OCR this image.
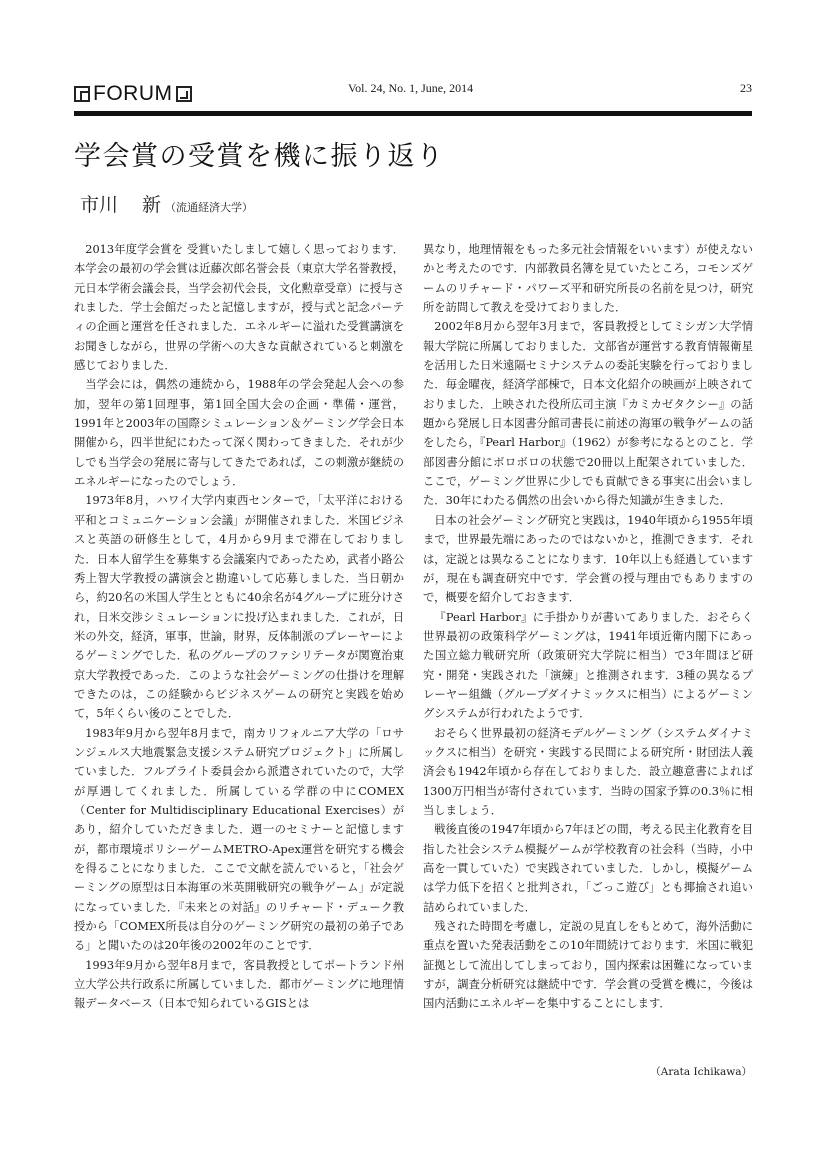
FORUM	Vol. 24, No. 1, June, 2014	23
学会賞の受賞を機に振り返り
市川 新 （流通経済大学）

2013年度学会賞を 受賞いたしまして嬉しく思っております．本学会の最初の学会賞は近藤次郎名誉会長（東京大学名誉教授，元日本学術会議会長，当学会初代会長，文化勲章受章）に授与されました．学士会館だったと記憶しますが，授与式と記念パーティの企画と運営を任されました．エネルギーに溢れた受賞講演をお聞きしながら，世界の学術への大きな貢献されていると刺激を感じておりました．

当学会には，偶然の連続から，1988年の学会発起人会への参加，翌年の第1回理事，第1回全国大会の企画・準備・運営，1991年と2003年の国際シミュレーション＆ゲーミング学会日本開催から，四半世紀にわたって深く関わってきました．それが少しでも当学会の発展に寄与してきたであれば，この刺激が継続のエネルギーになったのでしょう．

1973年8月，ハワイ大学内東西センターで，「太平洋における平和とコミュニケーション会議」が開催されました．米国ビジネスと英語の研修生として，4月から9月まで滞在しておりました．日本人留学生を募集する会議案内であったため，武者小路公秀上智大学教授の講演会と勘違いして応募しました．当日朝から，約20名の米国人学生とともに40余名が4グループに班分けされ，日米交渉シミュレーションに投げ込まれました．これが，日米の外交，経済，軍事，世論，財界，反体制派のプレーヤーによるゲーミングでした．私のグループのファシリテータが関寛治東京大学教授であった．このような社会ゲーミングの仕掛けを理解できたのは，この経験からビジネスゲームの研究と実践を始めて，5年くらい後のことでした．

1983年9月から翌年8月まで，南カリフォルニア大学の「ロサンジェルス大地震緊急支援システム研究プロジェクト」に所属していました．フルブライト委員会から派遣されていたので，大学が厚遇してくれました．所属している学群の中にCOMEX（Center for Multidisciplinary Educational Exercises）があり，紹介していただきました．週一のセミナーと記憶しますが，都市環境ポリシーゲームMETRO-Apex運営を研究する機会を得ることになりました．ここで文献を読んでいると，「社会ゲーミングの原型は日本海軍の米英開戦研究の戦争ゲーム」が定説になっていました．『未来との対話』のリチャード・デューク教授から「COMEX所長は自分のゲーミング研究の最初の弟子である」と聞いたのは20年後の2002年のことです．

1993年9月から翌年8月まで，客員教授としてポートランド州立大学公共行政系に所属していました．都市ゲーミングに地理情報データベース（日本で知られているGISとは

異なり，地理情報をもった多元社会情報をいいます）が使えないかと考えたのです．内部教員名簿を見ていたところ，コモンズゲームのリチャード・パワーズ平和研究所長の名前を見つけ，研究所を訪問して教えを受けておりました．

2002年8月から翌年3月まで，客員教授としてミシガン大学情報大学院に所属しておりました．文部省が運営する教育情報衛星を活用した日米遠隔セミナシステムの委託実験を行っておりました．毎金曜夜，経済学部棟で，日本文化紹介の映画が上映されておりました．上映された役所広司主演『カミカゼタクシー』の話題から発展し日本図書分館司書長に前述の海軍の戦争ゲームの話をしたら，『Pearl Harbor』（1962）が参考になるとのこと．学部図書分館にボロボロの状態で20冊以上配架されていました．ここで，ゲーミング世界に少しでも貢献できる事実に出会いました．30年にわたる偶然の出会いから得た知識が生きました．

日本の社会ゲーミング研究と実践は，1940年頃から1955年頃まで，世界最先端にあったのではないかと，推測できます．それは，定説とは異なることになります．10年以上も経過していますが，現在も調査研究中です．学会賞の授与理由でもありますので，概要を紹介しておきます．

『Pearl Harbor』に手掛かりが書いてありました．おそらく世界最初の政策科学ゲーミングは，1941年頃近衛内閣下にあった国立総力戦研究所（政策研究大学院に相当）で3年間ほど研究・開発・実践された「演練」と推測されます．3種の異なるプレーヤー組織（グループダイナミックスに相当）によるゲーミングシステムが行われたようです．

おそらく世界最初の経済モデルゲーミング（システムダイナミックスに相当）を研究・実践する民間による研究所・財団法人義済会も1942年頃から存在しておりました．設立趣意書によれば1300万円相当が寄付されています．当時の国家予算の0.3％に相当しましょう．

戦後直後の1947年頃から7年ほどの間，考える民主化教育を目指した社会システム模擬ゲームが学校教育の社会科（当時，小中高を一貫していた）で実践されていました．しかし，模擬ゲームは学力低下を招くと批判され，「ごっこ遊び」とも揶揄され追い詰められていました．

残された時間を考慮し，定説の見直しをもとめて，海外活動に重点を置いた発表活動をこの10年間続けております．米国に戦犯証拠として流出してしまっており，国内探索は困難になっていますが，調査分析研究は継続中です．学会賞の受賞を機に，今後は国内活動にエネルギーを集中することにします．

（Arata Ichikawa）
